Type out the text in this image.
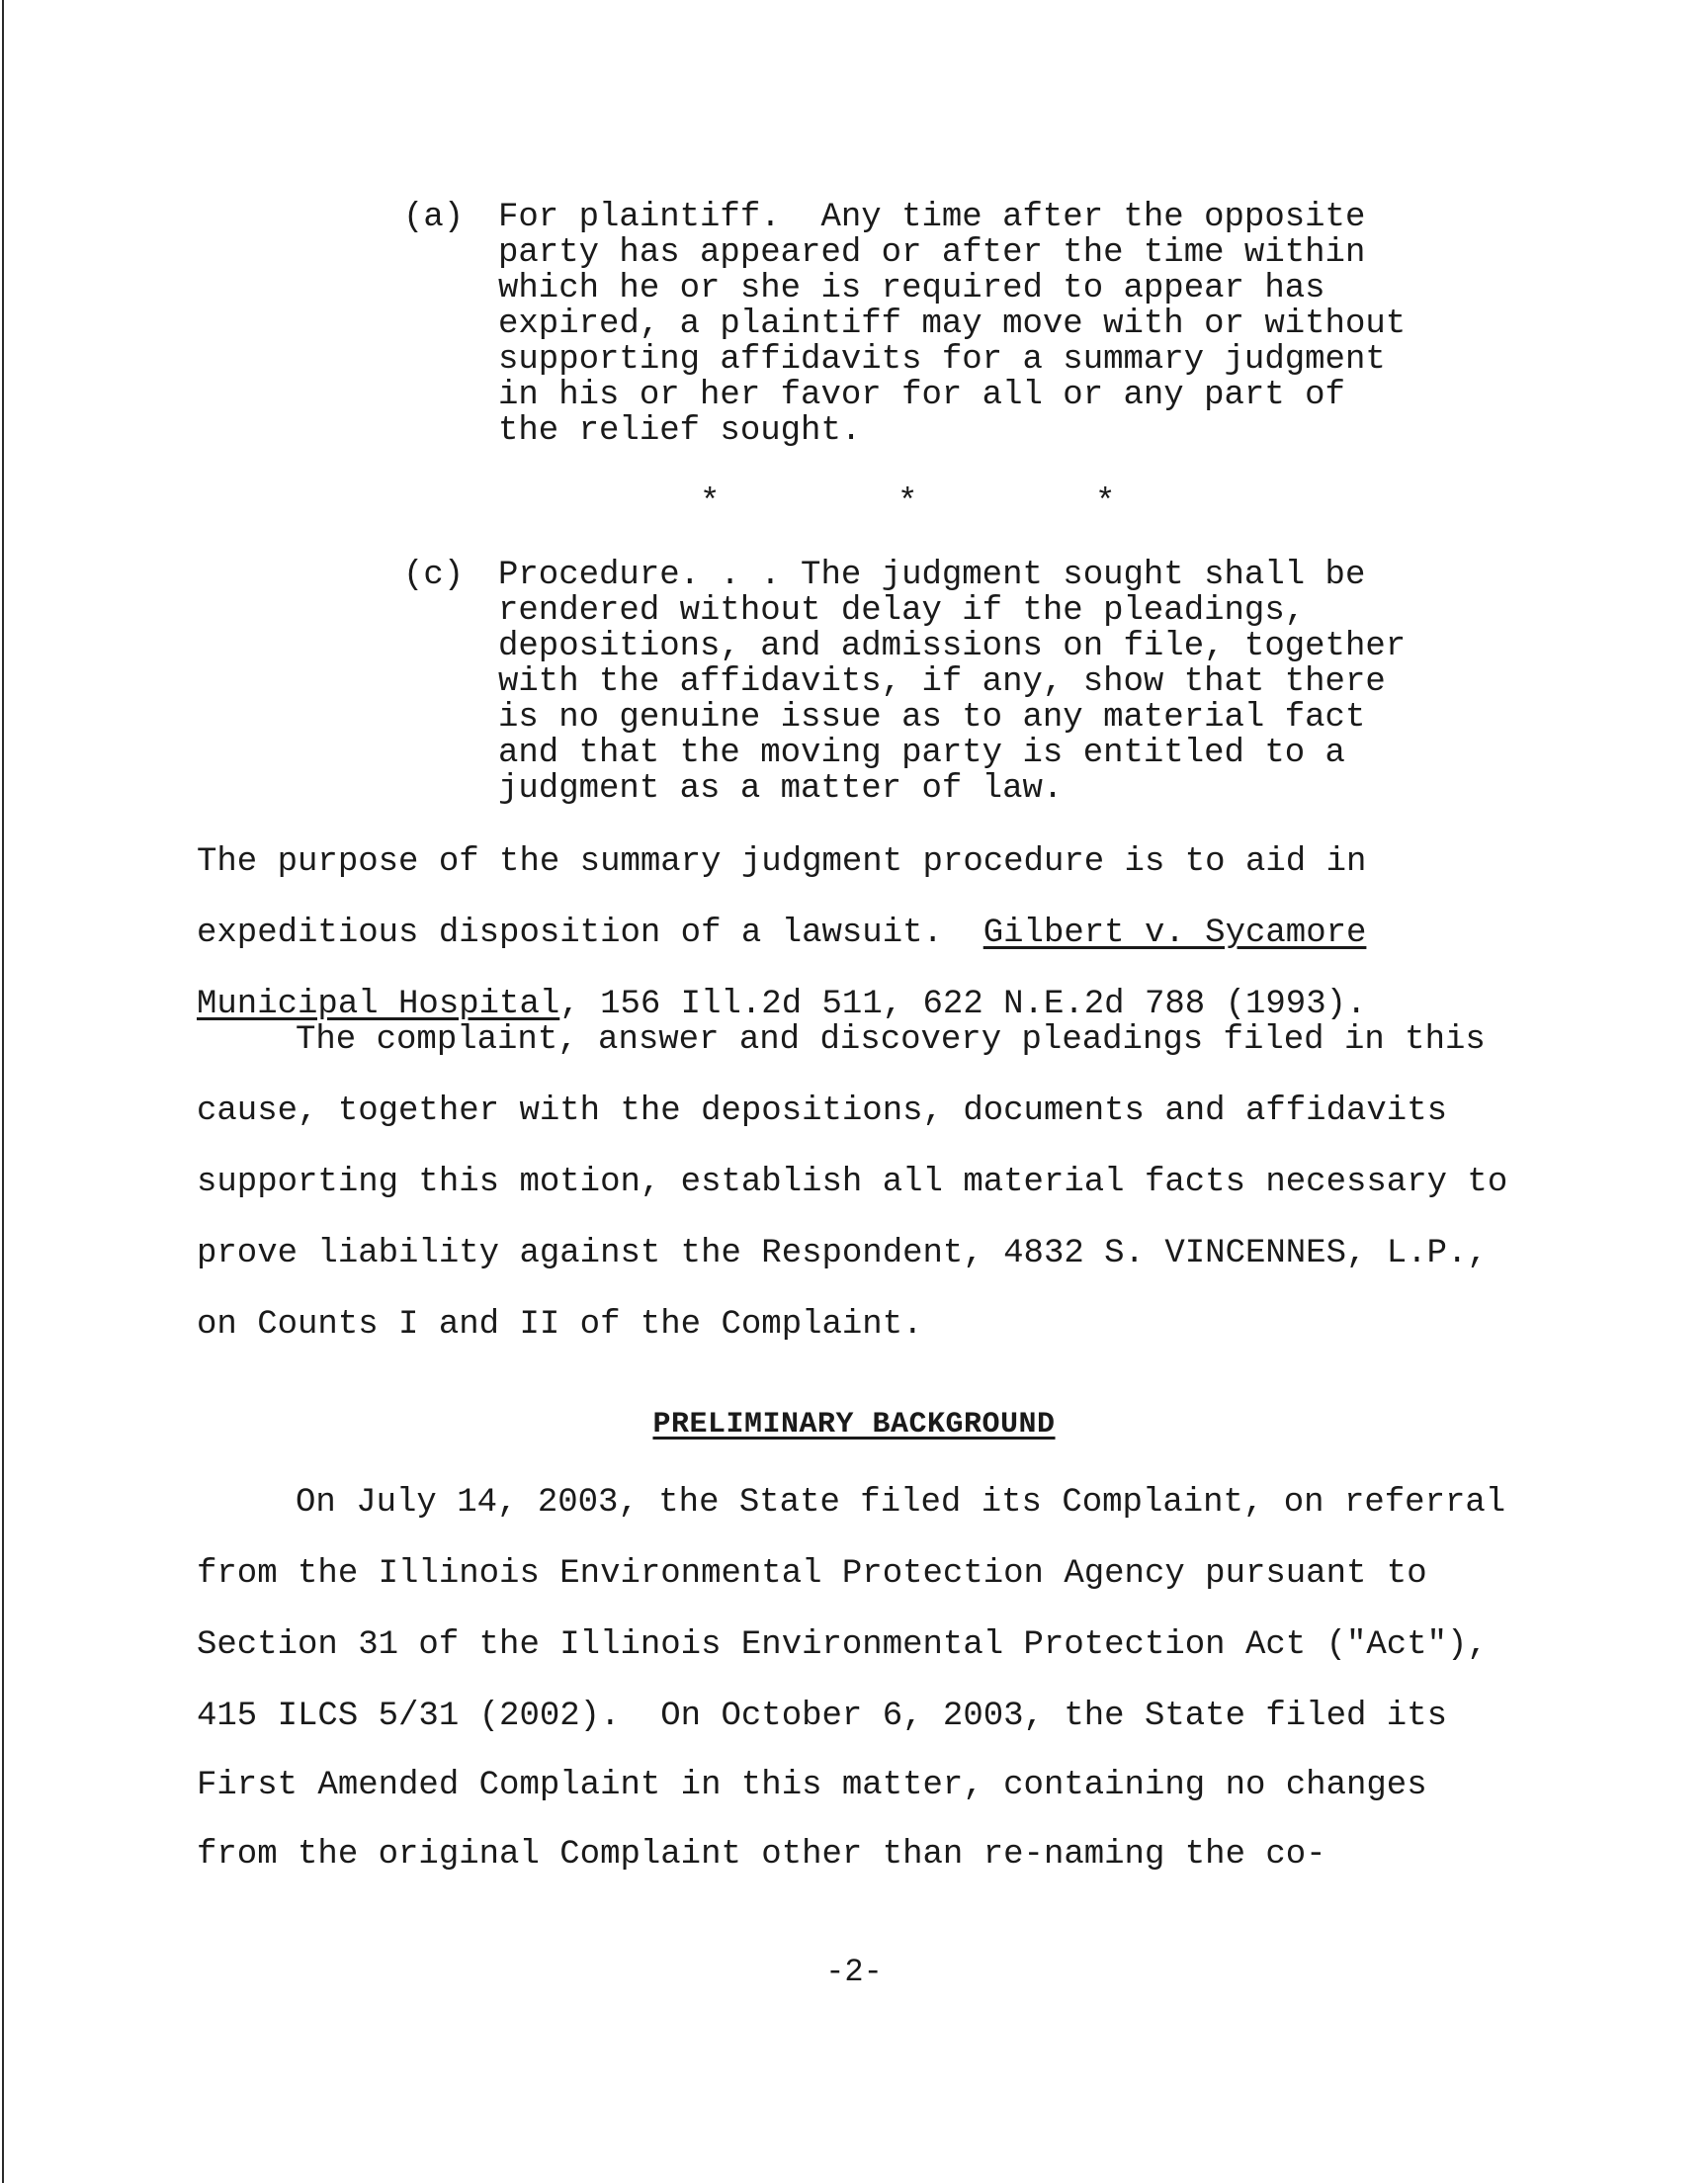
(a) For plaintiff.  Any time after the opposite
party has appeared or after the time within
which he or she is required to appear has
expired, a plaintiff may move with or without
supporting affidavits for a summary judgment
in his or her favor for all or any part of
the relief sought.
*	*	*
(c) Procedure. . . The judgment sought shall be
rendered without delay if the pleadings,
depositions, and admissions on file, together
with the affidavits, if any, show that there
is no genuine issue as to any material fact
and that the moving party is entitled to a
judgment as a matter of law.
The purpose of the summary judgment procedure is to aid in
expeditious disposition of a lawsuit.  Gilbert v. Sycamore
Municipal Hospital, 156 Ill.2d 511, 622 N.E.2d 788 (1993).
The complaint, answer and discovery pleadings filed in this
cause, together with the depositions, documents and affidavits
supporting this motion, establish all material facts necessary to
prove liability against the Respondent, 4832 S. VINCENNES, L.P.,
on Counts I and II of the Complaint.
PRELIMINARY BACKGROUND
On July 14, 2003, the State filed its Complaint, on referral
from the Illinois Environmental Protection Agency pursuant to
Section 31 of the Illinois Environmental Protection Act ("Act"),
415 ILCS 5/31 (2002).  On October 6, 2003, the State filed its
First Amended Complaint in this matter, containing no changes
from the original Complaint other than re-naming the co-
-2-
